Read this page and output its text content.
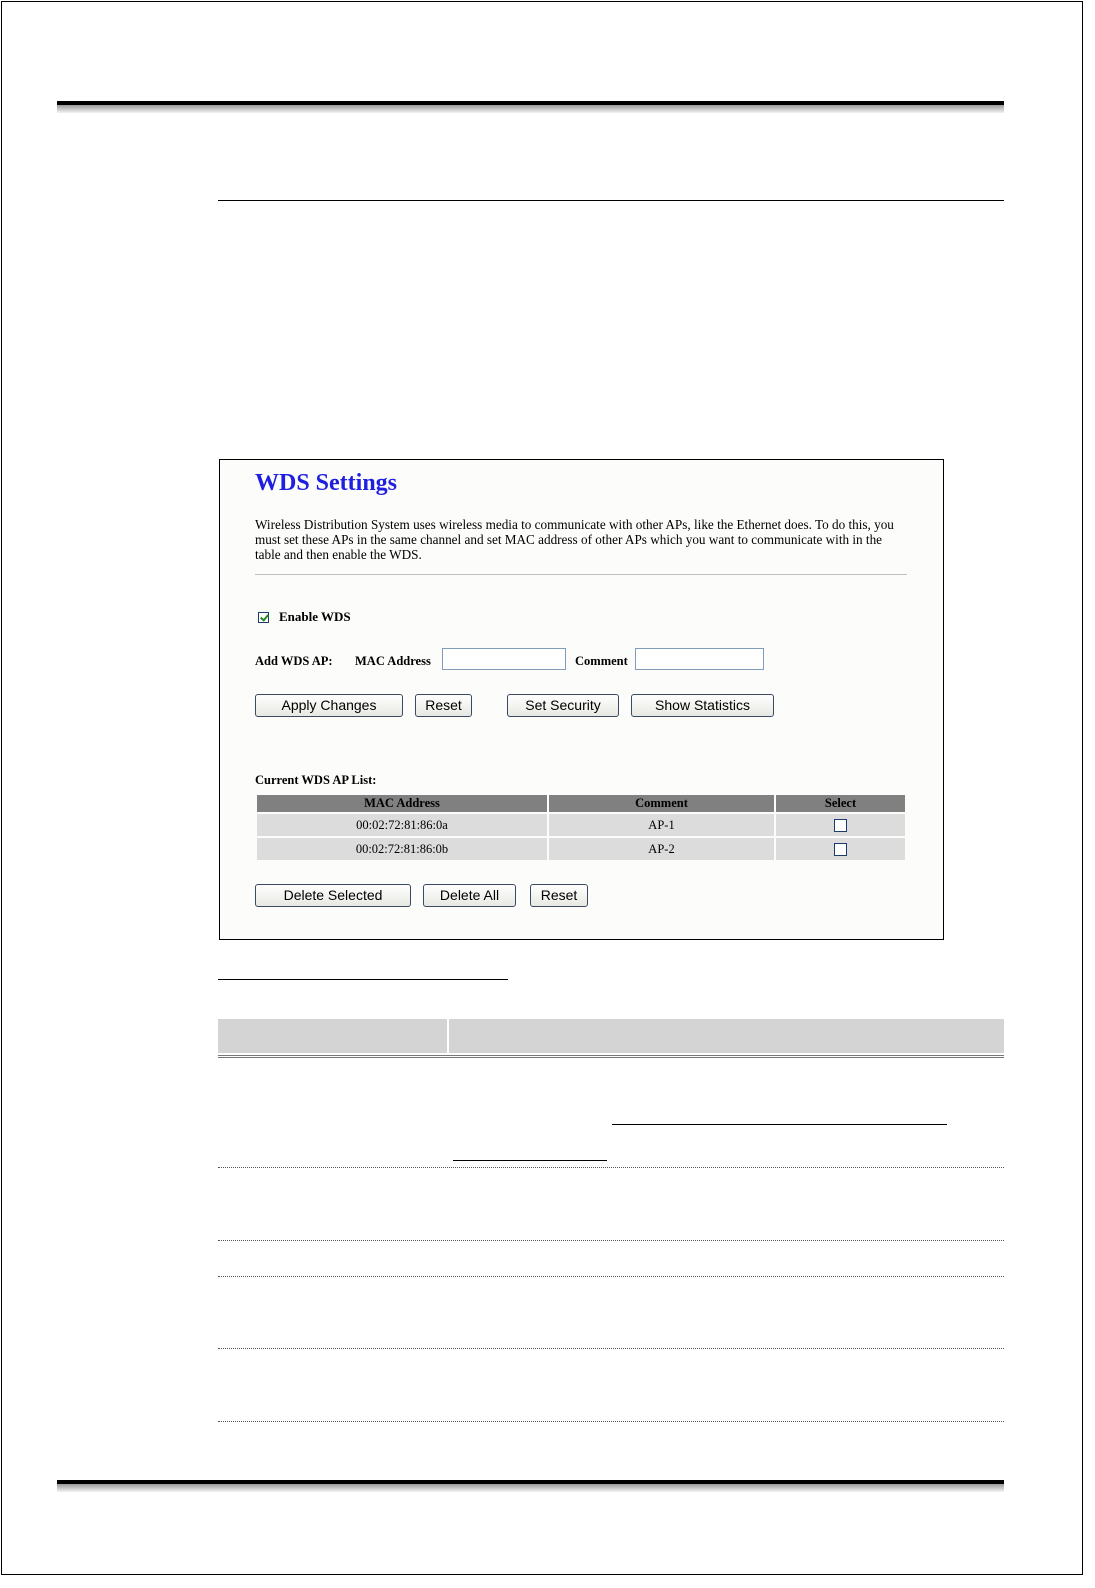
WDS Settings

Wireless Distribution System uses wireless media to communicate with other APs, like the Ethernet does. To do this, you must set these APs in the same channel and set MAC address of other APs which you want to communicate with in the table and then enable the WDS.

Enable WDS
Add WDS AP: MAC Address	Comment
Apply Changes	Reset	Set Security	Show Statistics
Current WDS AP List:
MAC Address	Comment	Select
00:02:72:81:86:0a	AP-1	
00:02:72:81:86:0b	AP-2	
Delete Selected	Delete All	Reset
